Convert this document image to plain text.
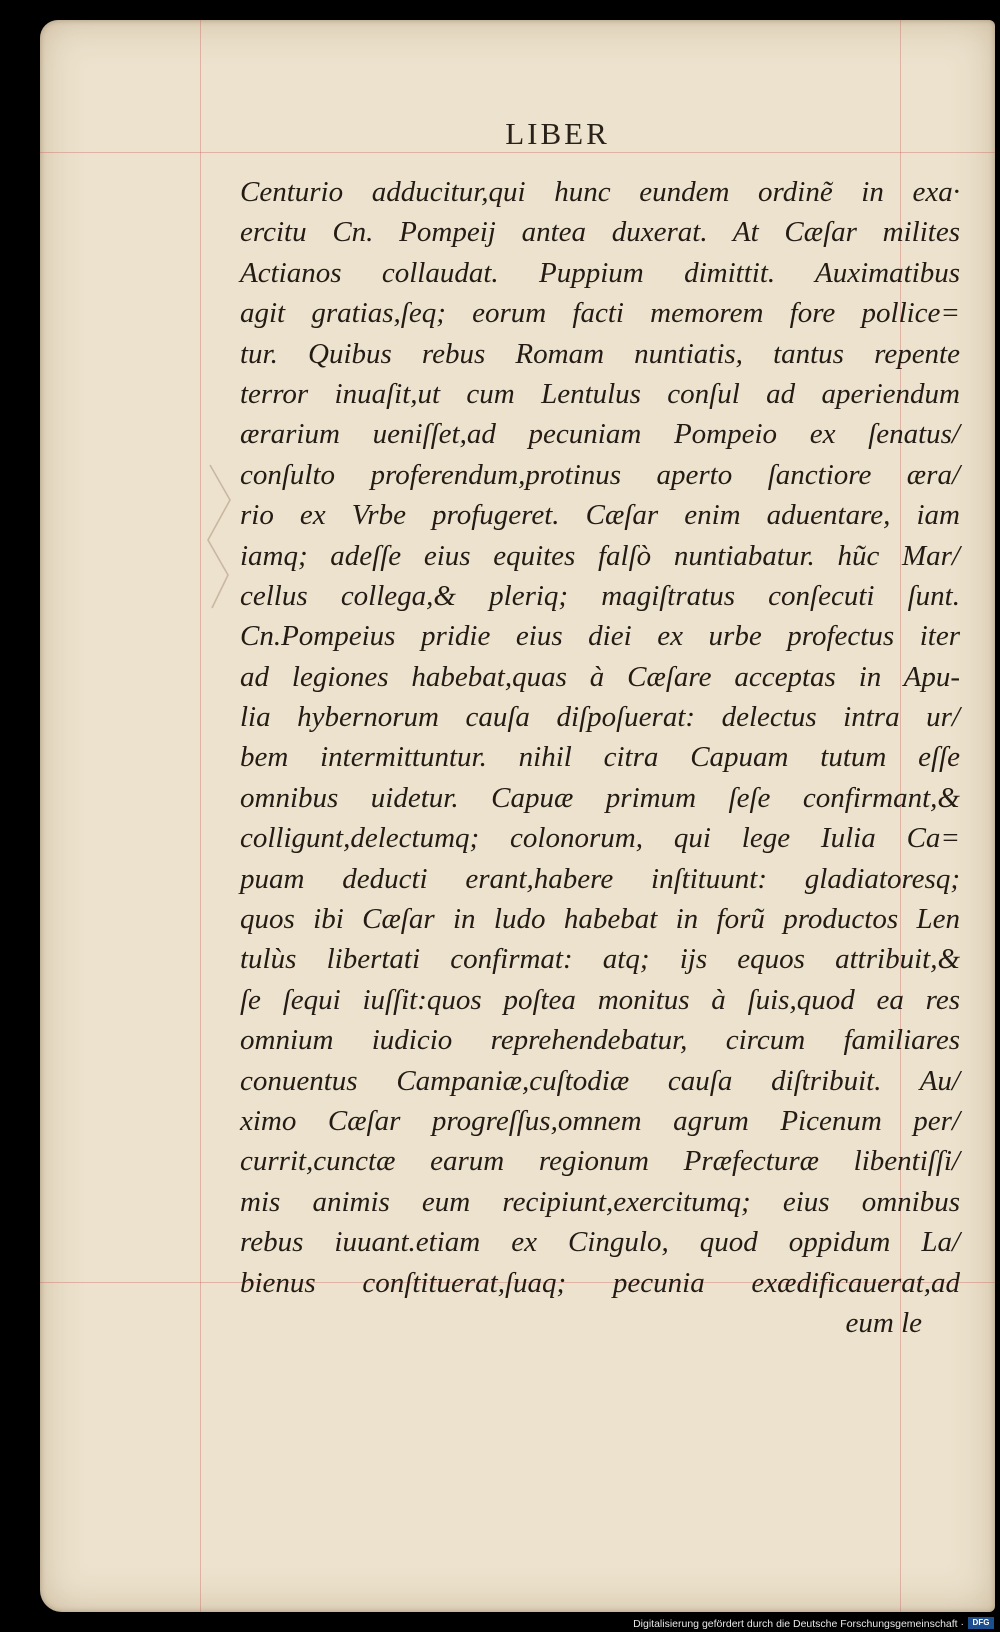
LIBER
Centurio adducitur,qui hunc eundem ordinẽ in exa·
ercitu Cn. Pompeij antea duxerat. At Cæſar milites
Actianos collaudat. Puppium dimittit. Auximatibus
agit gratias,ſeq; eorum facti memorem fore pollice=
tur. Quibus rebus Romam nuntiatis, tantus repente
terror inuaſit,ut cum Lentulus conſul ad aperiendum
ærarium ueniſſet,ad pecuniam Pompeio ex ſenatus/
conſulto proferendum,protinus aperto ſanctiore æra/
rio ex Vrbe profugeret. Cæſar enim aduentare, iam
iamq; adeſſe eius equites falſò nuntiabatur. hũc Mar/
cellus collega,& pleriq; magiſtratus conſecuti ſunt.
Cn.Pompeius pridie eius diei ex urbe profectus iter
ad legiones habebat,quas à Cæſare acceptas in Apu-
lia hybernorum cauſa diſpoſuerat: delectus intra ur/
bem intermittuntur. nihil citra Capuam tutum eſſe
omnibus uidetur. Capuæ primum ſeſe confirmant,&
colligunt,delectumq; colonorum, qui lege Iulia Ca=
puam deducti erant,habere inſtituunt: gladiatoresq;
quos ibi Cæſar in ludo habebat in forũ productos Len
tulùs libertati confirmat: atq; ijs equos attribuit,&
ſe ſequi iuſſit:quos poſtea monitus à ſuis,quod ea res
omnium iudicio reprehendebatur, circum familiares
conuentus Campaniæ,cuſtodiæ cauſa diſtribuit. Au/
ximo Cæſar progreſſus,omnem agrum Picenum per/
currit,cunctæ earum regionum Præfecturæ libentiſſi/
mis animis eum recipiunt,exercitumq; eius omnibus
rebus iuuant.etiam ex Cingulo, quod oppidum La/
bienus conſtituerat,ſuaq; pecunia exædificauerat,ad
eum le
Digitalisierung gefördert durch die Deutsche Forschungsgemeinschaft ·	DFG
